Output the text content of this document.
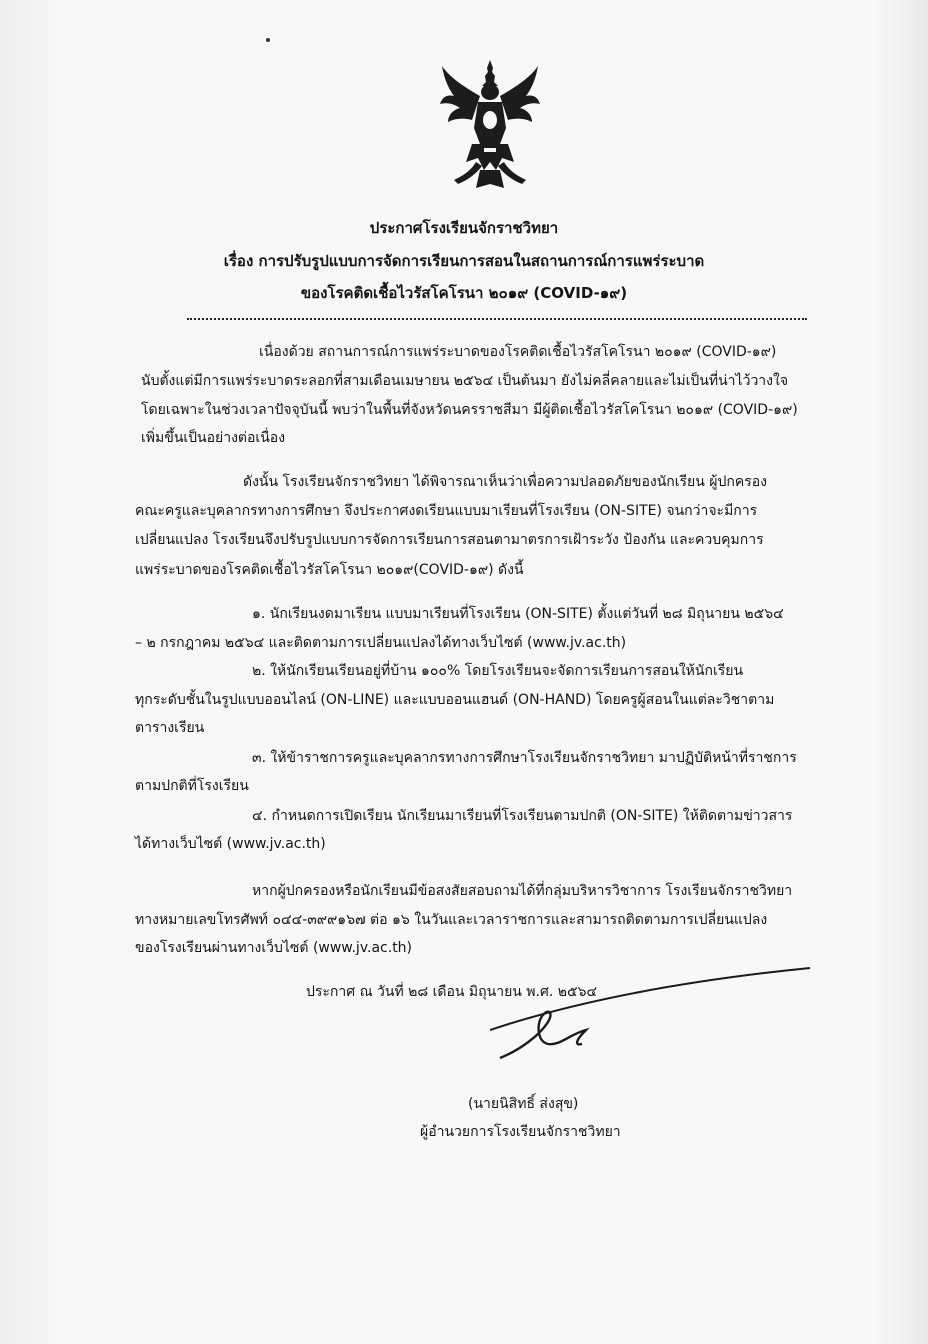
ประกาศโรงเรียนจักราชวิทยา
เรื่อง การปรับรูปแบบการจัดการเรียนการสอนในสถานการณ์การแพร่ระบาด
ของโรคติดเชื้อไวรัสโคโรนา ๒๐๑๙ (COVID-๑๙)
เนื่องด้วย สถานการณ์การแพร่ระบาดของโรคติดเชื้อไวรัสโคโรนา ๒๐๑๙ (COVID-๑๙)
นับตั้งแต่มีการแพร่ระบาดระลอกที่สามเดือนเมษายน ๒๕๖๔ เป็นต้นมา ยังไม่คลี่คลายและไม่เป็นที่น่าไว้วางใจ
โดยเฉพาะในช่วงเวลาปัจจุบันนี้ พบว่าในพื้นที่จังหวัดนครราชสีมา มีผู้ติดเชื้อไวรัสโคโรนา ๒๐๑๙ (COVID-๑๙)
เพิ่มขึ้นเป็นอย่างต่อเนื่อง
ดังนั้น โรงเรียนจักราชวิทยา ได้พิจารณาเห็นว่าเพื่อความปลอดภัยของนักเรียน ผู้ปกครอง
คณะครูและบุคลากรทางการศึกษา จึงประกาศงดเรียนแบบมาเรียนที่โรงเรียน (ON-SITE) จนกว่าจะมีการ
เปลี่ยนแปลง โรงเรียนจึงปรับรูปแบบการจัดการเรียนการสอนตามาตรการเฝ้าระวัง ป้องกัน และควบคุมการ
แพร่ระบาดของโรคติดเชื้อไวรัสโคโรนา ๒๐๑๙(COVID-๑๙) ดังนี้
๑. นักเรียนงดมาเรียน แบบมาเรียนที่โรงเรียน (ON-SITE) ตั้งแต่วันที่ ๒๘ มิถุนายน ๒๕๖๔
– ๒ กรกฎาคม ๒๕๖๔ และติดตามการเปลี่ยนแปลงได้ทางเว็บไซต์ (www.jv.ac.th)
๒. ให้นักเรียนเรียนอยู่ที่บ้าน ๑๐๐% โดยโรงเรียนจะจัดการเรียนการสอนให้นักเรียน
ทุกระดับชั้นในรูปแบบออนไลน์ (ON-LINE) และแบบออนแฮนด์ (ON-HAND) โดยครูผู้สอนในแต่ละวิชาตาม
ตารางเรียน
๓. ให้ข้าราชการครูและบุคลากรทางการศึกษาโรงเรียนจักราชวิทยา มาปฏิบัติหน้าที่ราชการ
ตามปกติที่โรงเรียน
๔. กำหนดการเปิดเรียน นักเรียนมาเรียนที่โรงเรียนตามปกติ (ON-SITE) ให้ติดตามข่าวสาร
ได้ทางเว็บไซต์ (www.jv.ac.th)
หากผู้ปกครองหรือนักเรียนมีข้อสงสัยสอบถามได้ที่กลุ่มบริหารวิชาการ โรงเรียนจักราชวิทยา
ทางหมายเลขโทรศัพท์ ๐๔๔-๓๙๙๑๖๗ ต่อ ๑๖ ในวันและเวลาราชการและสามารถติดตามการเปลี่ยนแปลง
ของโรงเรียนผ่านทางเว็บไซต์ (www.jv.ac.th)
ประกาศ ณ วันที่ ๒๘ เดือน มิถุนายน พ.ศ. ๒๕๖๔
(นายนิสิทธิ์ ส่งสุข)
ผู้อำนวยการโรงเรียนจักราชวิทยา
